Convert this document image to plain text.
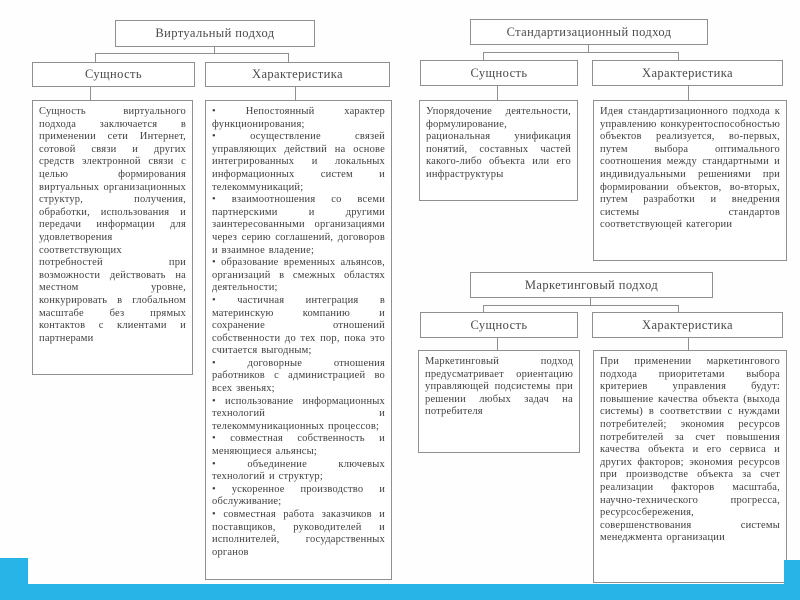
Виртуальный подход
Сущность	Характеристика
Сущность виртуального подхода заключается в применении сети Интернет, сотовой связи и других средств электронной связи с целью формирования виртуальных организационных структур, получения, обработки, использования и передачи информации для удовлетворения соответствующих потребностей при возможности действовать на местном уровне, конкурировать в глобальном масштабе без прямых контактов с клиентами и партнерами
• Непостоянный характер функционирования;
• осуществление связей управляющих действий на основе интегрированных и локальных информационных систем и телекоммуникаций;
• взаимоотношения со всеми партнерскими и другими заинтересованными организациями через серию соглашений, договоров и взаимное владение;
• образование временных альянсов, организаций в смежных областях деятельности;
• частичная интеграция в материнскую компанию и сохранение отношений собственности до тех пор, пока это считается выгодным;
• договорные отношения работников с администрацией во всех звеньях;
• использование информационных технологий и телекоммуникационных процессов;
• совместная собственность и меняющиеся альянсы;
• объединение ключевых технологий и структур;
• ускоренное производство и обслуживание;
• совместная работа заказчиков и поставщиков, руководителей и исполнителей, государственных органов
Стандартизационный подход
Сущность	Характеристика
Упорядочение деятельности, формулирование, рациональная унификация понятий, составных частей какого-либо объекта или его инфраструктуры
Идея стандартизационного подхода к управлению конкурентоспособностью объектов реализуется, во-первых, путем выбора оптимального соотношения между стандартными и индивидуальными решениями при формировании объектов, во-вторых, путем разработки и внедрения системы стандартов соответствующей категории
Маркетинговый подход
Сущность	Характеристика
Маркетинговый подход предусматривает ориентацию управляющей подсистемы при решении любых задач на потребителя
При применении маркетингового подхода приоритетами выбора критериев управления будут: повышение качества объекта (выхода системы) в соответствии с нуждами потребителей; экономия ресурсов потребителей за счет повышения качества объекта и его сервиса и других факторов; экономия ресурсов при производстве объекта за счет реализации факторов масштаба, научно-технического прогресса, ресурсосбережения, совершенствования системы менеджмента организации
